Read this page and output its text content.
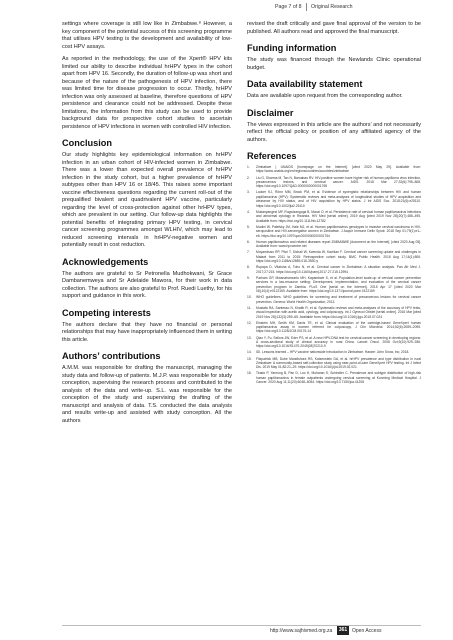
Page 7 of 8 Original Research

settings where coverage is still low like in Zimbabwe.⁸ However, a key component of the potential success of this screening programme that utilises HPV testing is the development and availability of low-cost HPV assays.

As reported in the methodology, the use of the Xpert® HPV kits limited our ability to describe individual hrHPV types in the cohort apart from HPV 16. Secondly, the duration of follow-up was short and because of the nature of the pathogenesis of HPV infection, there was limited time for disease progression to occur. Thirdly, hrHPV infection was only assessed at baseline, therefore questions of HPV persistence and clearance could not be addressed. Despite these limitations, the information from this study can be used to provide background data for prospective cohort studies to ascertain persistence of HPV infections in women with controlled HIV infection.

Conclusion

Our study highlights key epidemiological information on hrHPV infection in an urban cohort of HIV-infected women in Zimbabwe. There was a lower than expected overall prevalence of hrHPV infection in the study cohort, but a higher prevalence of hrHPV subtypes other than HPV 16 or 18/45. This raises some important vaccine effectiveness questions regarding the current roll-out of the prequalified bivalent and quadrivalent HPV vaccine, particularly regarding the level of cross-protection against other hrHPV types, which are prevalent in our setting. Our follow-up data highlights the potential benefits of integrating primary HPV testing, in cervical cancer screening programmes amongst WLHIV, which may lead to reduced screening intervals in hrHPV-negative women and potentially result in cost reduction.

Acknowledgements

The authors are grateful to Sr Petronella Mudhokwani, Sr Grace Dambanemweya and Sr Adelaide Mawora, for their work in data collection. The authors are also grateful to Prof. Ruedi Luethy, for his support and guidance in this work.

Competing interests

The authors declare that they have no financial or personal relationships that may have inappropriately influenced them in writing this article.

Authors’ contributions

A.M.M. was responsible for drafting the manuscript, managing the study data and follow-up of patients. M.J.P. was responsible for study conception, supervising the research process and contributed to the analysis of the data and write-up. S.L. was responsible for the conception of the study and supervising the drafting of the manuscript and analysis of data. T.S. conducted the data analysis and results write-up and assisted with study conception. All the authors

revised the draft critically and gave final approval of the version to be published. All authors read and approved the final manuscript.

Funding information

The study was financed through the Newlands Clinic operational budget.

Data availability statement

Data are available upon request from the corresponding author.

Disclaimer

The views expressed in this article are the authors’ and not necessarily reflect the official policy or position of any affiliated agency of the authors.

References
1.	Zimbabwe | UNAIDS [homepage on the Internet]. [cited 2020 May 29]. Available from: https://www.unaids.org/en/regionscountries/countries/zimbabwe
2.	Liu G, Sharma M, Tan N, Barnabas RV. HIV-positive women have higher risk of human papilloma virus infection, precancerous lesions, and cervical cancer. AIDS. 2018 Mar 27;32(6):795–808. https://doi.org/10.1097/QAD.0000000000001765
3.	Looker KJ, Rönn MM, Brock PM, et al. Evidence of synergistic relationships between HIV and human papillomavirus (HPV): Systematic reviews and meta-analyses of longitudinal studies of HPV acquisition and clearance by HIV status, and of HIV acquisition by HPV status. J Int AIDS Soc. 2018;21(6):e25110. https://doi.org/10.1002/jia2.25110
4.	Mukanyangezi MF, Rugwizangoga B, Manzi O, et al. Persistence rate of cervical human papillomavirus infections and abnormal cytology in Rwanda. HIV Med [serial online]. 2019 Aug [cited 2019 Nov 28];20(7):485–495. Available from: https://doi.org/10.1111/hiv.12782
5.	Mudini W, Palefsky JM, Hale MJ, et al. Human papillomavirus genotypes in invasive cervical carcinoma in HIV-seropositive and HIV-seronegative women in Zimbabwe. J Acquir Immune Defic Syndr. 2018 Sep 01;79(1):e1–e6. https://doi.org/10.1097/qai.0000000000001754
6.	Human papillomavirus and related diseases report ZIMBABWE [document on the Internet]. [cited 2020 Aug 05]. Available from: www.hpvcentre.net
7.	Moyambuso RP, Pisri T, Sichali W, Kwenda W, Kachlan F. Cervical cancer screening uptake and challenges in Malawi from 2011 to 2015: Retrospective cohort study. BMC Public Health. 2016 Aug 17;16(1):806. https://doi.org/10.1186/s12889-016-3530-y
8.	Rupapa D, Vitatuha A, Toho N, et al. Cervical cancer in Zimbabwe: A situation analysis. Pan Afr Med J. 2017;27:215. https://doi.org/10.11604/pamj.2017.27.215.12994
9.	Parham GP, Mwanahamuntu MH, Kapambwe S, et al. Population-level scale-up of cervical cancer prevention services in a low-resource setting: Development, implementation, and evaluation of the cervical cancer prevention program in Zambia. PLoS One [serial on the Internet]. 2015 Apr 17 [cited 2020 Mar 06];10(4):e0122169. Available from: https://doi.org/10.1371/journal.pone.0122169
10.	WHO guidelines. WHO guidelines for screening and treatment of precancerous lesions for cervical cancer prevention. Geneva: World Health Organization; 2013.
11.	Mustafa RA, Santesso N, Khatib R, et al. Systematic reviews and meta-analyses of the accuracy of HPV tests, visual inspection with acetic acid, cytology, and colposcopy. Int J Gynecol Obstet [serial online]. 2016 Mar [cited 2019 Nov 28];132(3):259–65. Available from: https://doi.org/10.1016/j.ijgo.2015.07.024
12.	Einstein MH, Smith KM, Davis TE, et al. Clinical evaluation of the cartridge-based GeneXpert human papillomavirus assay in women referred for colposcopy. J Clin Microbiol. 2014;52(6):2089–2095. https://doi.org/10.1128/JCM.00176-14
13.	Qiao Y, Fu, Sellors JW, Eder PS, et al. A new HPV-DNA test for cervical-cancer screening in developing regions: A cross-sectional study of clinical accuracy in rural China. Lancet Oncol. 2008 Oct;9(10):929–936. https://doi.org/10.1016/S1470-2045(08)70210-9
14.	IDI. Lessons learned – HPV vaccine nationwide introduction in Zimbabwe. Harare: John Snow, Inc; 2018.
15.	Fitzpatrick MB, Dube Mandishora RS, Katzenstein DA, et al. hrHPV prevalence and type distribution in rural Zimbabwe: A community-based self-collection study using near-point-of-care GeneXpert HPV testing. Int J Infect Dis. 2019 May 01;82:21–29. https://doi.org/10.1016/j.ijid.2019.02.021
16.	Tirado P, Yanrong B, Pan D, Luo H, Moharan S, Schindler C. Prevalence and subtype distribution of high-risk human papillomavirus in female outpatients undergoing cervical screening at Kunming Medical Hospital. J Cancer. 2020 Aug 11;11(20):6048–6054. https://doi.org/10.7150/jca.41208
http://www.sajhivmed.org.za	361 Open Access
